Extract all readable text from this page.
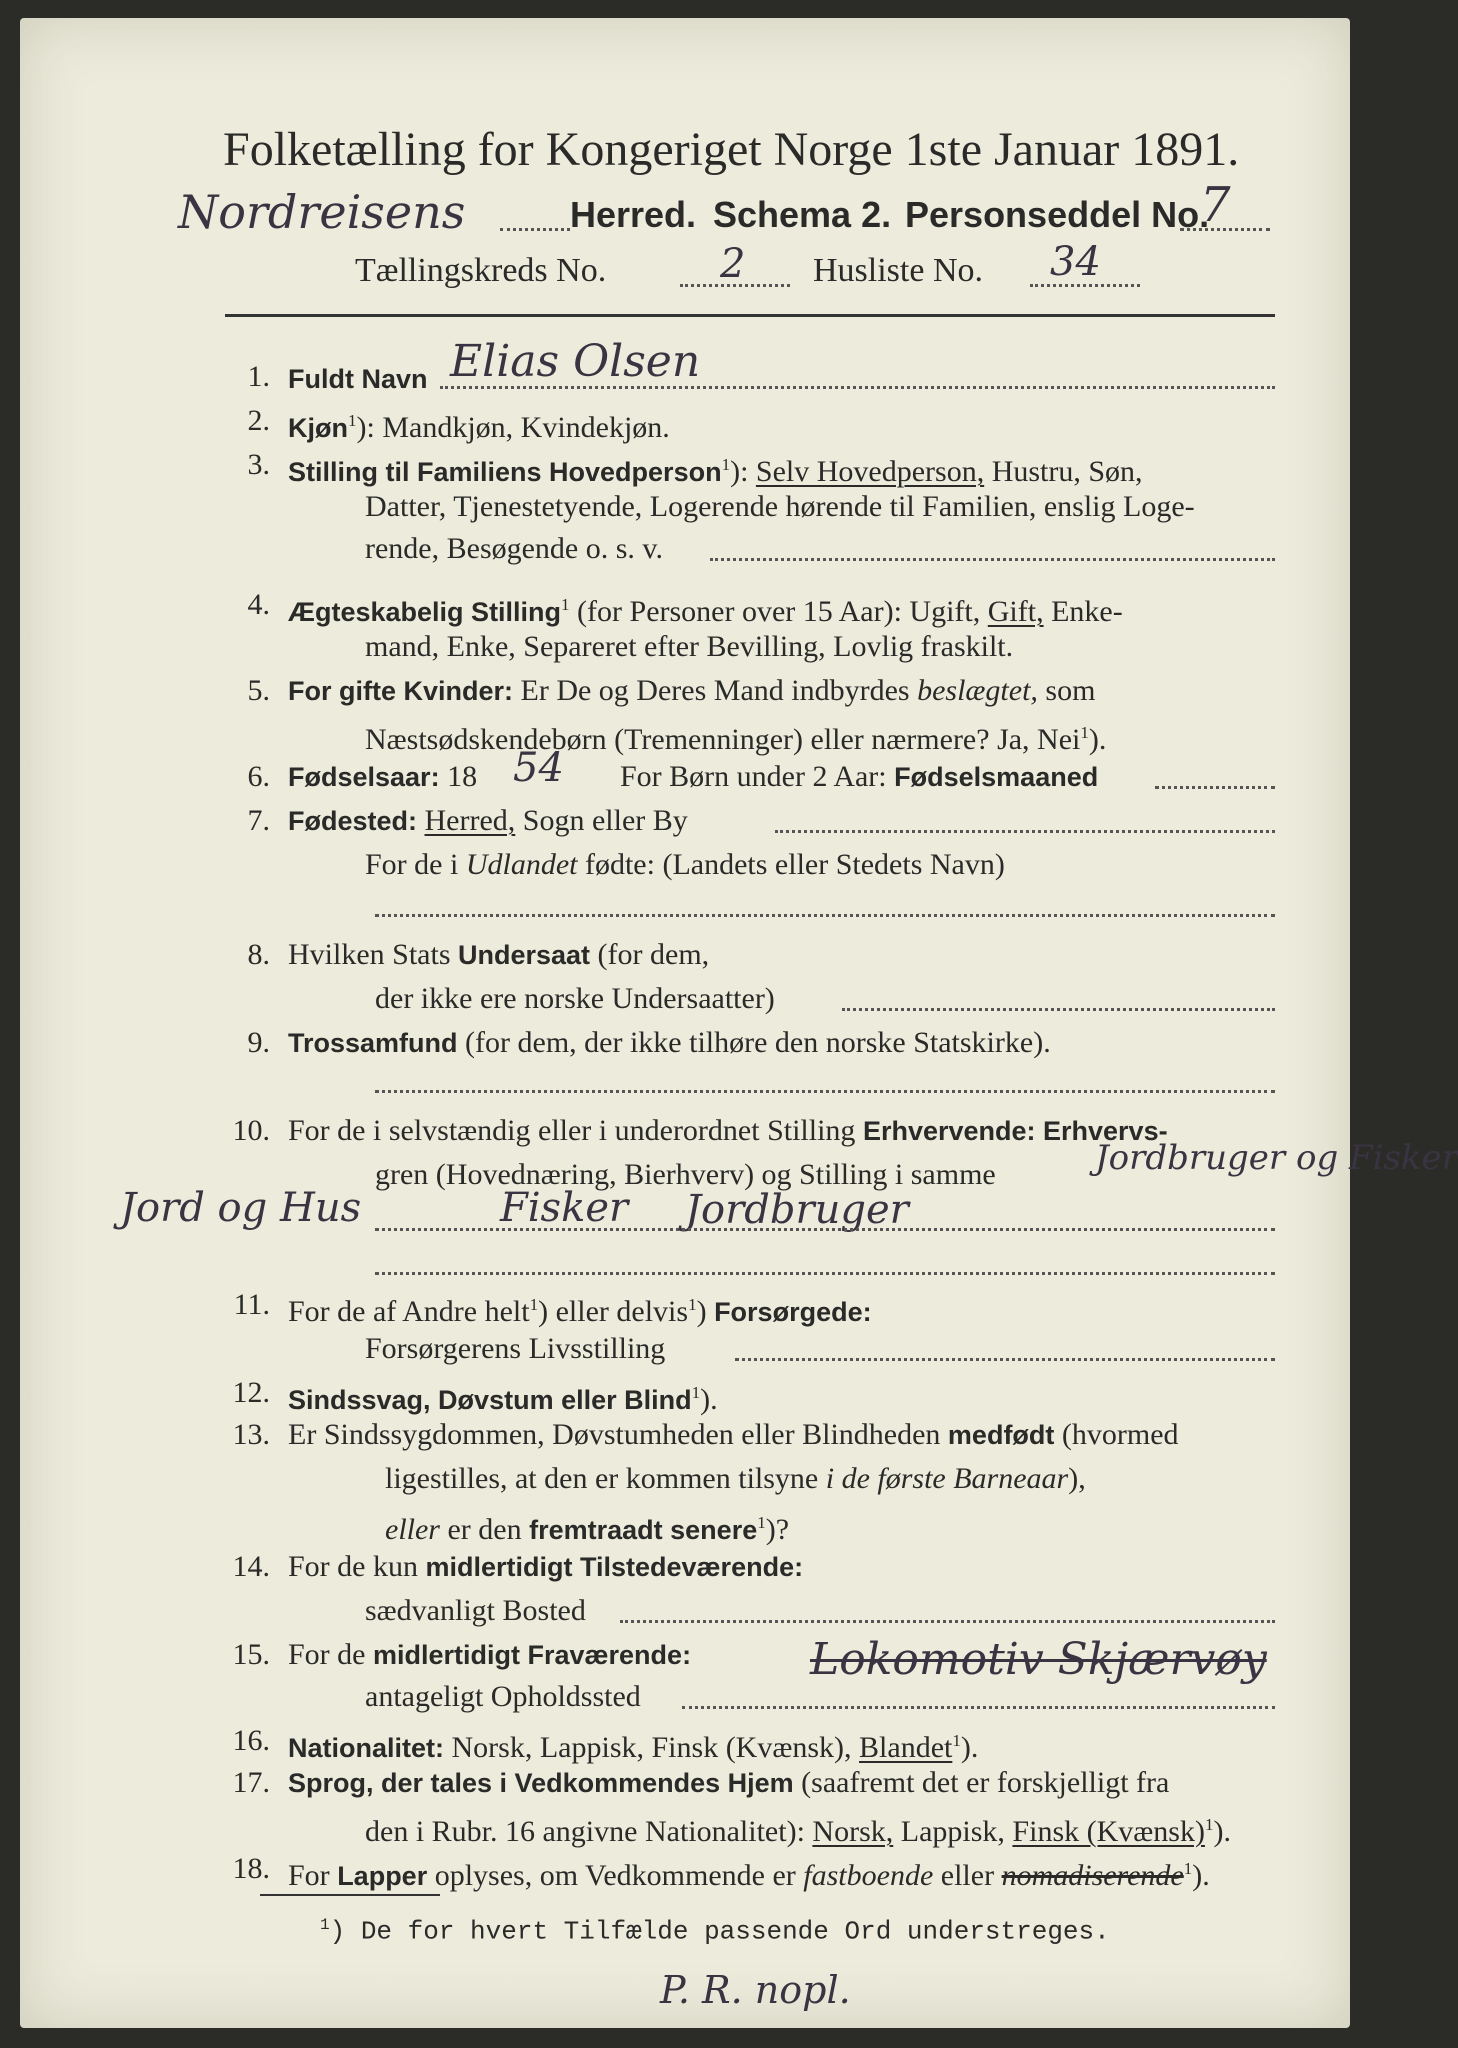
Folketælling for Kongeriget Norge 1ste Januar 1891.
Nordreisens	Herred. Schema 2. Personseddel No.
7
Tællingskreds No.	2 Husliste No. 34
1. Fuldt Navn Elias Olsen
2. Kjøn$^1$): Mandkjøn, Kvindekjøn.
3. Stilling til Familiens Hovedperson$^1$): Selv Hovedperson, Hustru, Søn,
Datter, Tjenestetyende, Logerende hørende til Familien, enslig Loge-
rende, Besøgende o. s. v.
4. Ægteskabelig Stilling$^1$ (for Personer over 15 Aar): Ugift, Gift, Enke-
mand, Enke, Separeret efter Bevilling, Lovlig fraskilt.
5. For gifte Kvinder: Er De og Deres Mand indbyrdes beslægtet, som
Næstsødskendebørn (Tremenninger) eller nærmere? Ja, Nei$^1$).
6. Fødselsaar: 18 54 For Børn under 2 Aar: Fødselsmaaned
7. Fødested: Herred, Sogn eller By
For de i Udlandet fødte: (Landets eller Stedets Navn)
8. Hvilken Stats Undersaat (for dem,
der ikke ere norske Undersaatter)
9. Trossamfund (for dem, der ikke tilhøre den norske Statskirke).
10. For de i selvstændig eller i underordnet Stilling Erhvervende: Erhvervs-
gren (Hovednæring, Bierhverv) og Stilling i samme	Jordbruger og Fisker
Jord og Hus	Fisker Jordbruger
11. For de af Andre helt$^1$) eller delvis$^1$) Forsørgede:
Forsørgerens Livsstilling
12. Sindssvag, Døvstum eller Blind$^1$).
13. Er Sindssygdommen, Døvstumheden eller Blindheden medfødt (hvormed
ligestilles, at den er kommen tilsyne i de første Barneaar),
eller er den fremtraadt senere$^1$)?
14. For de kun midlertidigt Tilstedeværende:
sædvanligt Bosted
15. For de midlertidigt Fraværende:
antageligt Opholdssted
Lokomotiv Skjærvøy
16. Nationalitet: Norsk, Lappisk, Finsk (Kvænsk), Blandet$^1$).
17. Sprog, der tales i Vedkommendes Hjem (saafremt det er forskjelligt fra
den i Rubr. 16 angivne Nationalitet): Norsk, Lappisk, Finsk (Kvænsk)$^1$).
18. For Lapper oplyses, om Vedkommende er fastboende eller nomadiserende$^1$).
$^1$) De for hvert Tilfælde passende Ord understreges.
P. R. nopl.
